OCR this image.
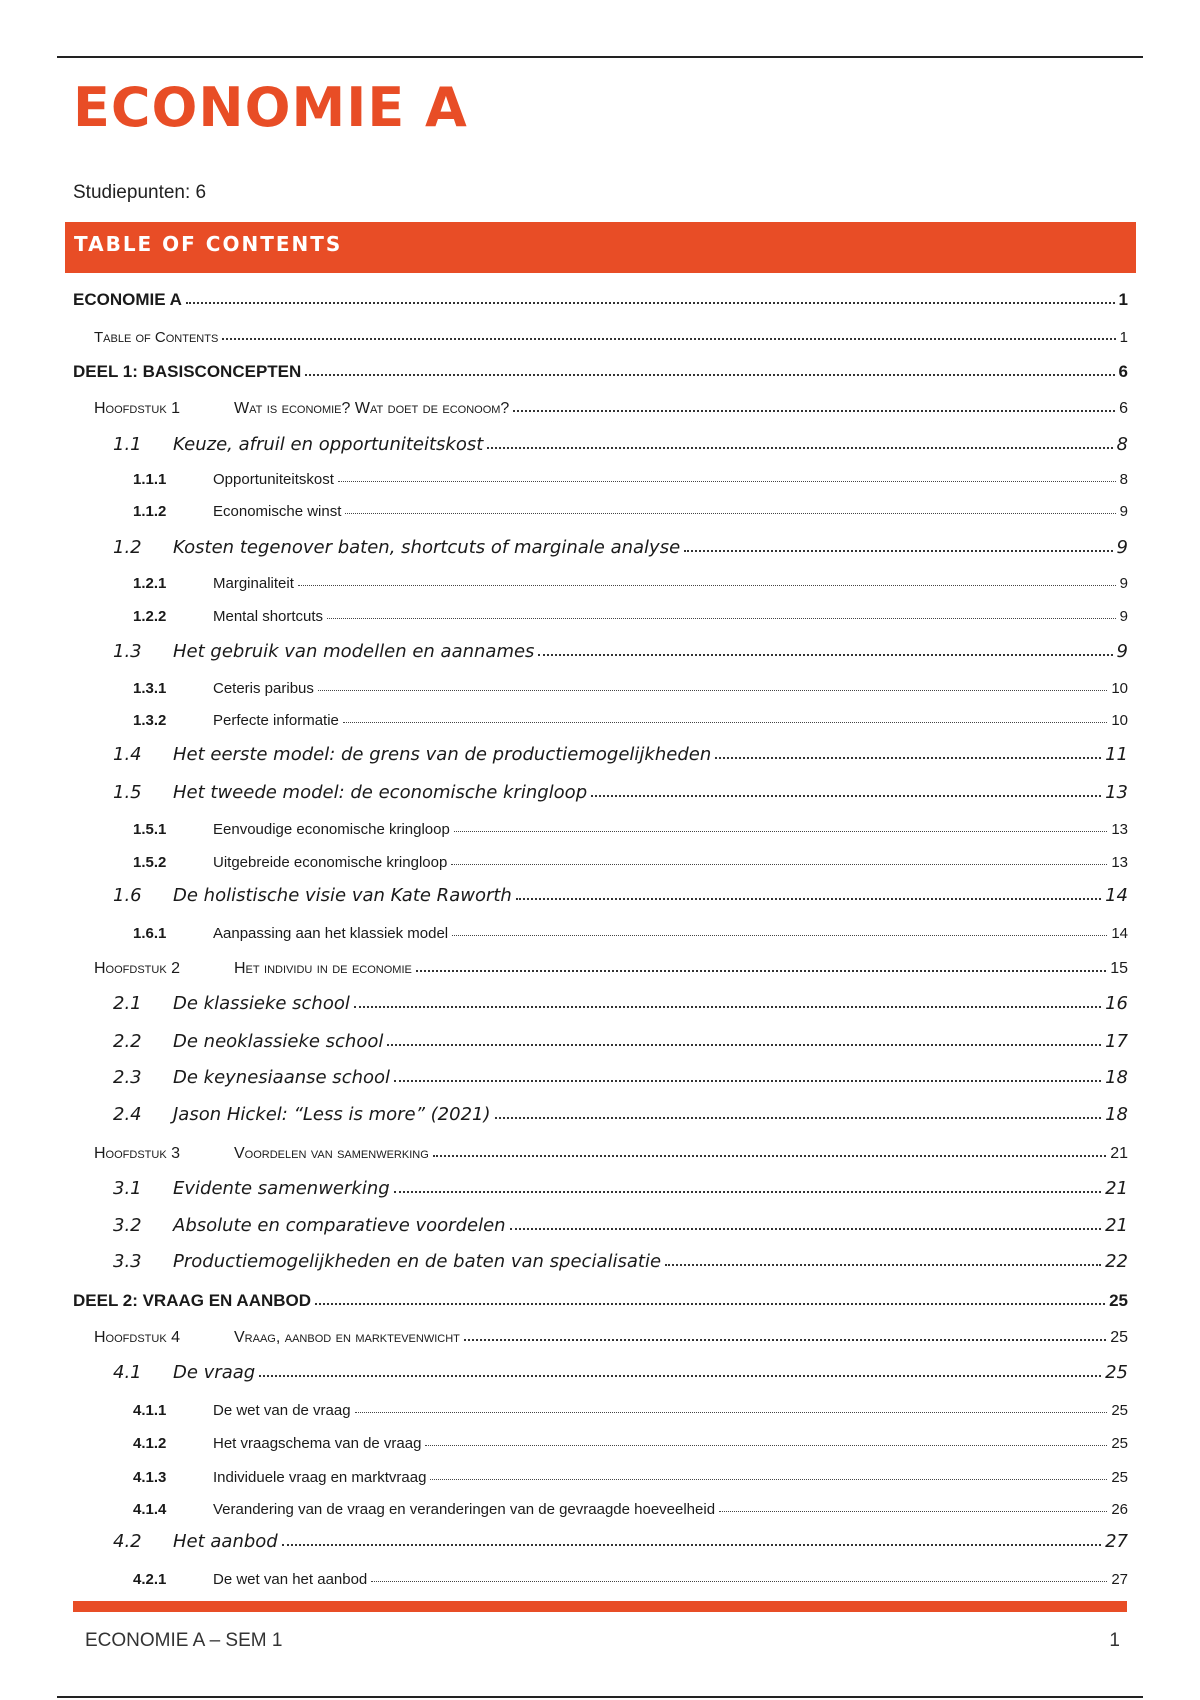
ECONOMIE A
Studiepunten: 6
TABLE OF CONTENTS
ECONOMIE A	1
Table of Contents	1
DEEL 1: BASISCONCEPTEN	6
Hoofdstuk 1	Wat is economie? Wat doet de econoom?	6
1.1	Keuze, afruil en opportuniteitskost	8
1.1.1	Opportuniteitskost	8
1.1.2	Economische winst	9
1.2	Kosten tegenover baten, shortcuts of marginale analyse	9
1.2.1	Marginaliteit	9
1.2.2	Mental shortcuts	9
1.3	Het gebruik van modellen en aannames	9
1.3.1	Ceteris paribus	10
1.3.2	Perfecte informatie	10
1.4	Het eerste model: de grens van de productiemogelijkheden	11
1.5	Het tweede model: de economische kringloop	13
1.5.1	Eenvoudige economische kringloop	13
1.5.2	Uitgebreide economische kringloop	13
1.6	De holistische visie van Kate Raworth	14
1.6.1	Aanpassing aan het klassiek model	14
Hoofdstuk 2	Het individu in de economie	15
2.1	De klassieke school	16
2.2	De neoklassieke school	17
2.3	De keynesiaanse school	18
2.4	Jason Hickel: “Less is more” (2021)	18
Hoofdstuk 3	Voordelen van samenwerking	21
3.1	Evidente samenwerking	21
3.2	Absolute en comparatieve voordelen	21
3.3	Productiemogelijkheden en de baten van specialisatie	22
DEEL 2: VRAAG EN AANBOD	25
Hoofdstuk 4	Vraag, aanbod en marktevenwicht	25
4.1	De vraag	25
4.1.1	De wet van de vraag	25
4.1.2	Het vraagschema van de vraag	25
4.1.3	Individuele vraag en marktvraag	25
4.1.4	Verandering van de vraag en veranderingen van de gevraagde hoeveelheid	26
4.2	Het aanbod	27
4.2.1	De wet van het aanbod	27
ECONOMIE A – SEM 1	1
